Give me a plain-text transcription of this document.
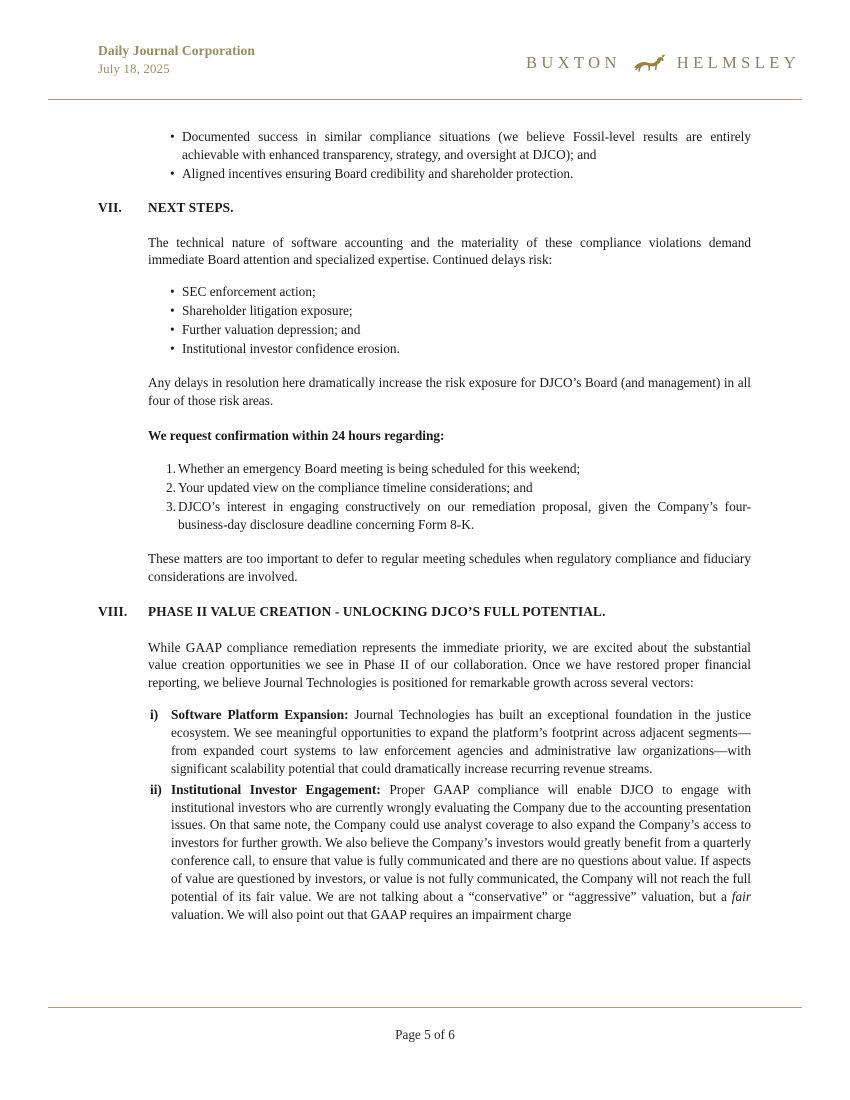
Daily Journal Corporation
July 18, 2025	BUXTON	HELMSLEY
• Documented success in similar compliance situations (we believe Fossil-level results are entirely achievable with enhanced transparency, strategy, and oversight at DJCO); and
• Aligned incentives ensuring Board credibility and shareholder protection.
VII.	NEXT STEPS.

The technical nature of software accounting and the materiality of these compliance violations demand immediate Board attention and specialized expertise. Continued delays risk:

• SEC enforcement action;
• Shareholder litigation exposure;
• Further valuation depression; and
• Institutional investor confidence erosion.

Any delays in resolution here dramatically increase the risk exposure for DJCO’s Board (and management) in all four of those risk areas.

We request confirmation within 24 hours regarding:

1. Whether an emergency Board meeting is being scheduled for this weekend;
2. Your updated view on the compliance timeline considerations; and
3. DJCO’s interest in engaging constructively on our remediation proposal, given the Company’s four-business-day disclosure deadline concerning Form 8-K.

These matters are too important to defer to regular meeting schedules when regulatory compliance and fiduciary considerations are involved.

VIII.	PHASE II VALUE CREATION - UNLOCKING DJCO’S FULL POTENTIAL.

While GAAP compliance remediation represents the immediate priority, we are excited about the substantial value creation opportunities we see in Phase II of our collaboration. Once we have restored proper financial reporting, we believe Journal Technologies is positioned for remarkable growth across several vectors:

i) Software Platform Expansion: Journal Technologies has built an exceptional foundation in the justice ecosystem. We see meaningful opportunities to expand the platform’s footprint across adjacent segments—from expanded court systems to law enforcement agencies and administrative law organizations—with significant scalability potential that could dramatically increase recurring revenue streams.
ii) Institutional Investor Engagement: Proper GAAP compliance will enable DJCO to engage with institutional investors who are currently wrongly evaluating the Company due to the accounting presentation issues. On that same note, the Company could use analyst coverage to also expand the Company’s access to investors for further growth. We also believe the Company’s investors would greatly benefit from a quarterly conference call, to ensure that value is fully communicated and there are no questions about value. If aspects of value are questioned by investors, or value is not fully communicated, the Company will not reach the full potential of its fair value. We are not talking about a “conservative” or “aggressive” valuation, but a fair valuation. We will also point out that GAAP requires an impairment charge
Page 5 of 6
